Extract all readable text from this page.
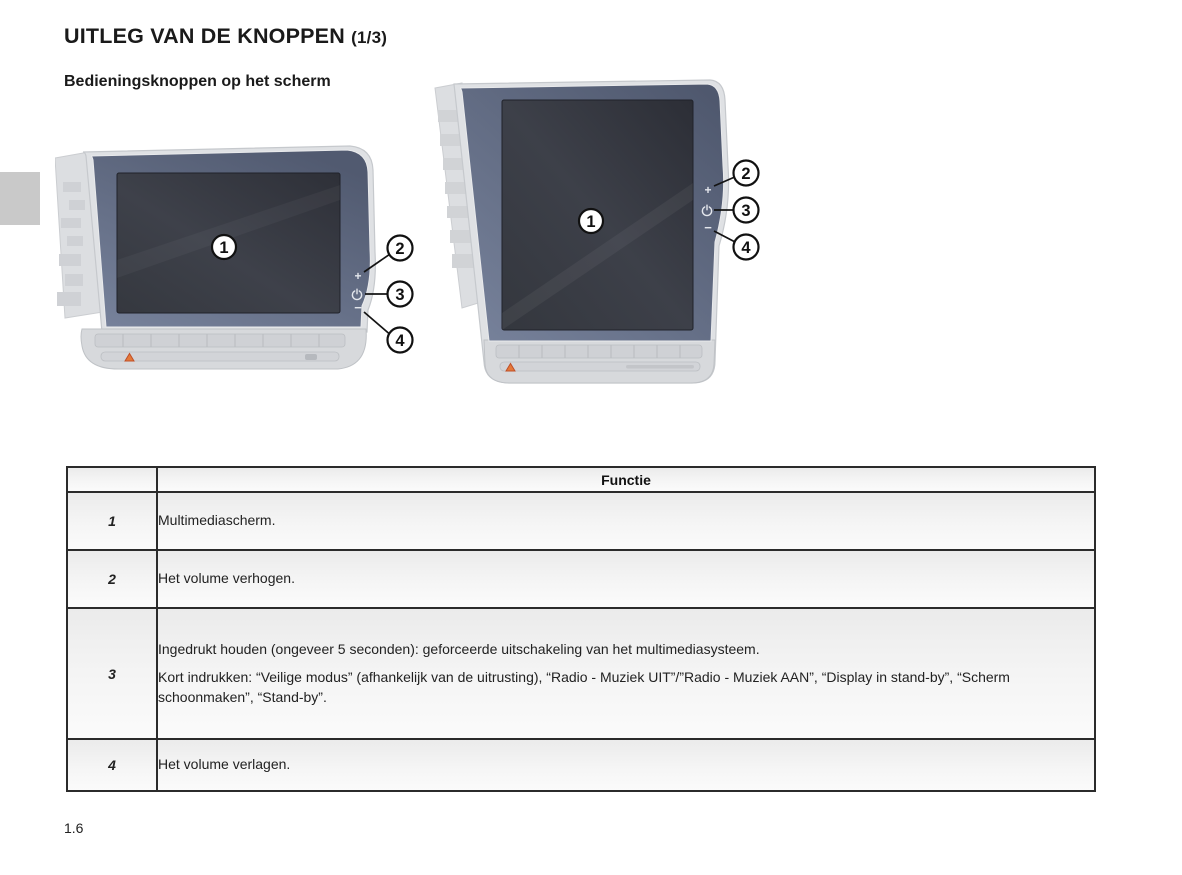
UITLEG VAN DE KNOPPEN (1/3)
Bedieningsknoppen op het scherm
+
−
1	2
3
4
+
−
1
2
3
4
	Functie
1	Multimediascherm.

2	Het volume verhogen.

3	Ingedrukt houden (ongeveer 5 seconden): geforceerde uitschakeling van het multimediasysteem.

Kort indrukken: “Veilige modus” (afhankelijk van de uitrusting), “Radio - Muziek UIT”/”Radio - Muziek AAN”, “Display in stand-by”, “Scherm schoonmaken”, “Stand-by”.

4	Het volume verlagen.

1.6
